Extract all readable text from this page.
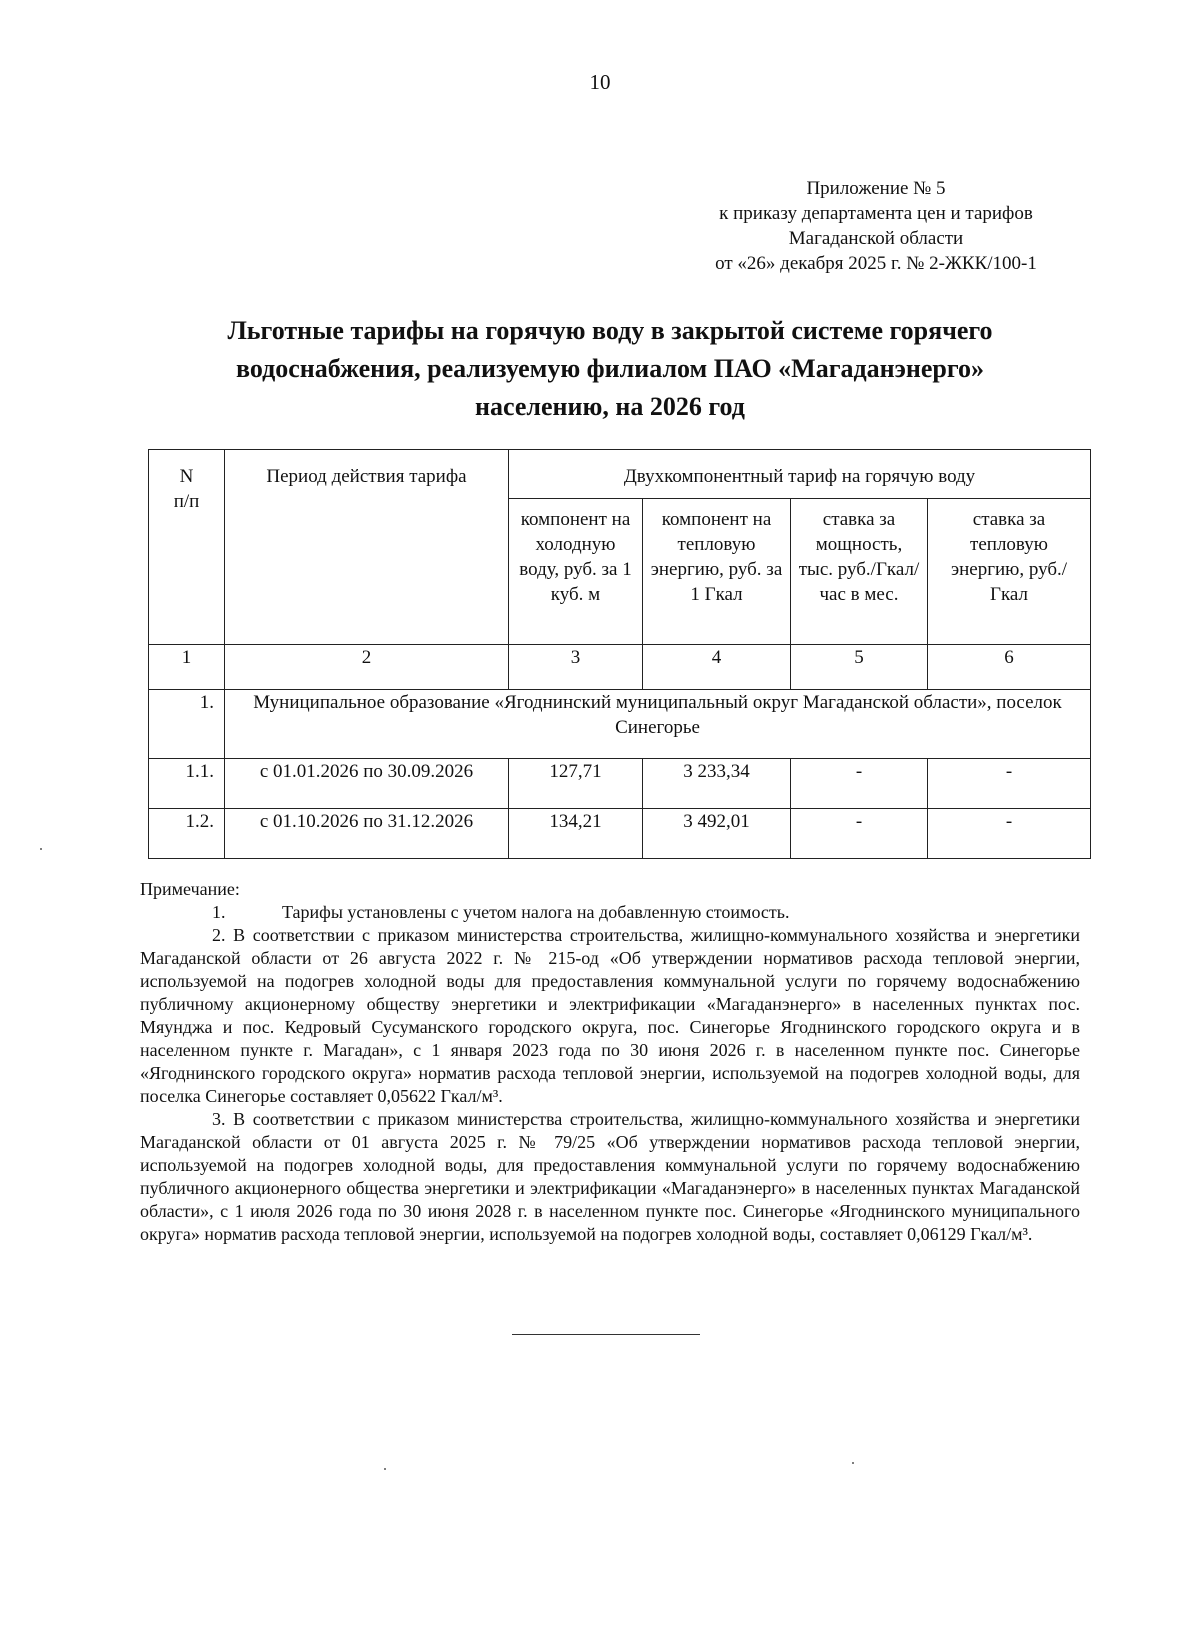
10
Приложение № 5
к приказу департамента цен и тарифов
Магаданской области
от «26» декабря 2025 г. № 2-ЖКК/100-1
Льготные тарифы на горячую воду в закрытой системе горячего
водоснабжения, реализуемую филиалом ПАО «Магаданэнерго»
населению, на 2026 год
N
п/п	Период действия тарифа	Двухкомпонентный тариф на горячую воду			
		компонент на холодную воду, руб. за 1 куб. м	компонент на тепловую энергию, руб. за 1 Гкал	ставка за мощность, тыс. руб./Гкал/час в мес.	ставка за тепловую энергию, руб./Гкал
1	2	3	4	5	6
1.	Муниципальное образование «Ягоднинский муниципальный округ Магаданской области», поселок Синегорье				
1.1.	с 01.01.2026 по 30.09.2026	127,71	3 233,34	-	-
1.2.	с 01.10.2026 по 31.12.2026	134,21	3 492,01	-	-

Примечание:

1.	Тарифы установлены с учетом налога на добавленную стоимость.

2. В соответствии с приказом министерства строительства, жилищно-коммунального хозяйства и энергетики Магаданской области от 26 августа 2022 г. № 215-од «Об утверждении нормативов расхода тепловой энергии, используемой на подогрев холодной воды для предоставления коммунальной услуги по горячему водоснабжению публичному акционерному обществу энергетики и электрификации «Магаданэнерго» в населенных пунктах пос. Мяунджа и пос. Кедровый Сусуманского городского округа, пос. Синегорье Ягоднинского городского округа и в населенном пункте г. Магадан», с 1 января 2023 года по 30 июня 2026 г. в населенном пункте пос. Синегорье «Ягоднинского городского округа» норматив расхода тепловой энергии, используемой на подогрев холодной воды, для поселка Синегорье составляет 0,05622 Гкал/м³.

3. В соответствии с приказом министерства строительства, жилищно-коммунального хозяйства и энергетики Магаданской области от 01 августа 2025 г. № 79/25 «Об утверждении нормативов расхода тепловой энергии, используемой на подогрев холодной воды, для предоставления коммунальной услуги по горячему водоснабжению публичного акционерного общества энергетики и электрификации «Магаданэнерго» в населенных пунктах Магаданской области», с 1 июля 2026 года по 30 июня 2028 г. в населенном пункте пос. Синегорье «Ягоднинского муниципального округа» норматив расхода тепловой энергии, используемой на подогрев холодной воды, составляет 0,06129 Гкал/м³.
